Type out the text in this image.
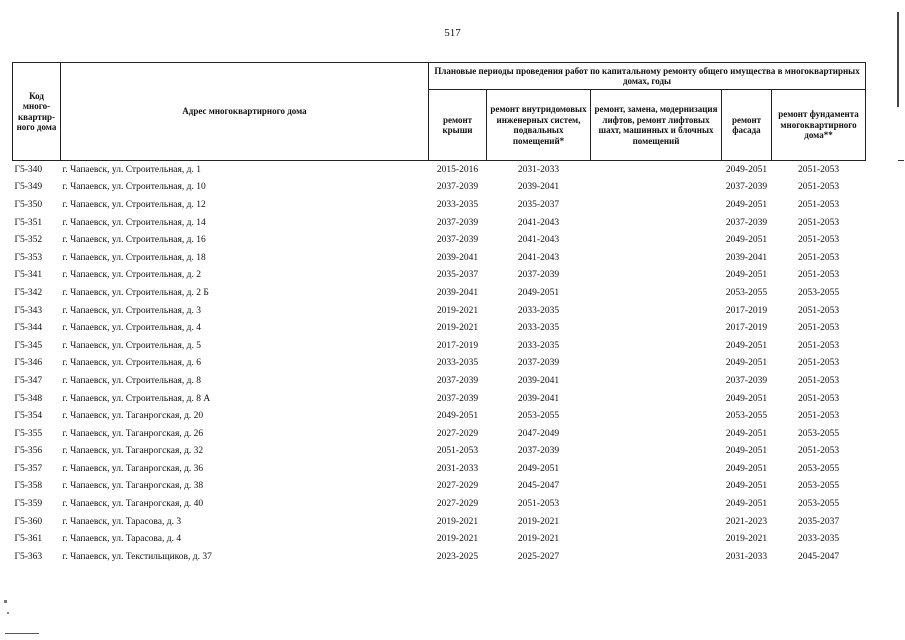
517
Код много-квартир-ного дома	Адрес многоквартирного дома	Плановые периоды проведения работ по капитальному ремонту общего имущества в многоквартирных домах, годы				
		ремонт крыши	ремонт внутридомовых инженерных систем, подвальных помещений*	ремонт, замена, модернизация лифтов, ремонт лифтовых шахт, машинных и блочных помещений	ремонт фасада	ремонт фундамента многоквартирного дома**
Г5-340	г. Чапаевск, ул. Строительная, д. 1	2015-2016	2031-2033		2049-2051	2051-2053
Г5-349	г. Чапаевск, ул. Строительная, д. 10	2037-2039	2039-2041		2037-2039	2051-2053
Г5-350	г. Чапаевск, ул. Строительная, д. 12	2033-2035	2035-2037		2049-2051	2051-2053
Г5-351	г. Чапаевск, ул. Строительная, д. 14	2037-2039	2041-2043		2037-2039	2051-2053
Г5-352	г. Чапаевск, ул. Строительная, д. 16	2037-2039	2041-2043		2049-2051	2051-2053
Г5-353	г. Чапаевск, ул. Строительная, д. 18	2039-2041	2041-2043		2039-2041	2051-2053
Г5-341	г. Чапаевск, ул. Строительная, д. 2	2035-2037	2037-2039		2049-2051	2051-2053
Г5-342	г. Чапаевск, ул. Строительная, д. 2 Б	2039-2041	2049-2051		2053-2055	2053-2055
Г5-343	г. Чапаевск, ул. Строительная, д. 3	2019-2021	2033-2035		2017-2019	2051-2053
Г5-344	г. Чапаевск, ул. Строительная, д. 4	2019-2021	2033-2035		2017-2019	2051-2053
Г5-345	г. Чапаевск, ул. Строительная, д. 5	2017-2019	2033-2035		2049-2051	2051-2053
Г5-346	г. Чапаевск, ул. Строительная, д. 6	2033-2035	2037-2039		2049-2051	2051-2053
Г5-347	г. Чапаевск, ул. Строительная, д. 8	2037-2039	2039-2041		2037-2039	2051-2053
Г5-348	г. Чапаевск, ул. Строительная, д. 8 А	2037-2039	2039-2041		2049-2051	2051-2053
Г5-354	г. Чапаевск, ул. Таганрогская, д. 20	2049-2051	2053-2055		2053-2055	2051-2053
Г5-355	г. Чапаевск, ул. Таганрогская, д. 26	2027-2029	2047-2049		2049-2051	2053-2055
Г5-356	г. Чапаевск, ул. Таганрогская, д. 32	2051-2053	2037-2039		2049-2051	2051-2053
Г5-357	г. Чапаевск, ул. Таганрогская, д. 36	2031-2033	2049-2051		2049-2051	2053-2055
Г5-358	г. Чапаевск, ул. Таганрогская, д. 38	2027-2029	2045-2047		2049-2051	2053-2055
Г5-359	г. Чапаевск, ул. Таганрогская, д. 40	2027-2029	2051-2053		2049-2051	2053-2055
Г5-360	г. Чапаевск, ул. Тарасова, д. 3	2019-2021	2019-2021		2021-2023	2035-2037
Г5-361	г. Чапаевск, ул. Тарасова, д. 4	2019-2021	2019-2021		2019-2021	2033-2035
Г5-363	г. Чапаевск, ул. Текстильщиков, д. 37	2023-2025	2025-2027		2031-2033	2045-2047
